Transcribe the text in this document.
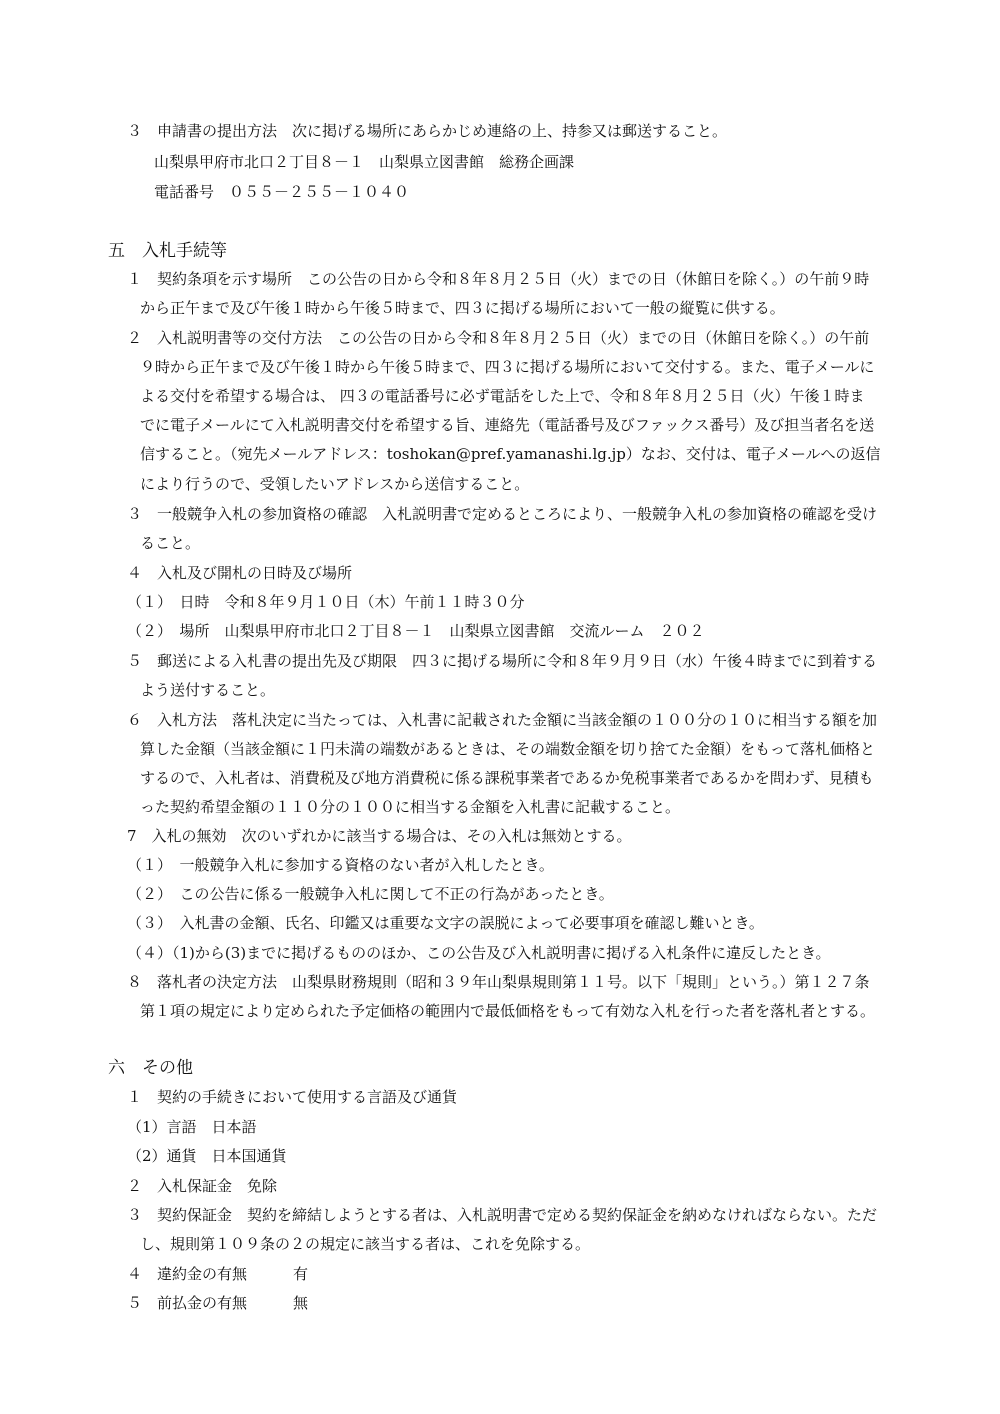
３　申請書の提出方法　次に掲げる場所にあらかじめ連絡の上、持参又は郵送すること。
山梨県甲府市北口２丁目８－１　山梨県立図書館　総務企画課
電話番号　０５５－２５５－１０４０
五　入札手続等
１　契約条項を示す場所　この公告の日から令和８年８月２５日（火）までの日（休館日を除く。）の午前９時
から正午まで及び午後１時から午後５時まで、四３に掲げる場所において一般の縦覧に供する。
２　入札説明書等の交付方法　この公告の日から令和８年８月２５日（火）までの日（休館日を除く。）の午前
９時から正午まで及び午後１時から午後５時まで、四３に掲げる場所において交付する。また、電子メールに
よる交付を希望する場合は、 四３の電話番号に必ず電話をした上で、令和８年８月２５日（火）午後１時ま
でに電子メールにて入札説明書交付を希望する旨、連絡先（電話番号及びファックス番号）及び担当者名を送
信すること。（宛先メールアドレス：toshokan@pref.yamanashi.lg.jp）なお、交付は、電子メールへの返信
により行うので、受領したいアドレスから送信すること。
３　一般競争入札の参加資格の確認　入札説明書で定めるところにより、一般競争入札の参加資格の確認を受け
ること。
４　入札及び開札の日時及び場所
（１）　日時　令和８年９月１０日（木）午前１１時３０分
（２）　場所　山梨県甲府市北口２丁目８－１　山梨県立図書館　交流ルーム　２０２
５　郵送による入札書の提出先及び期限　四３に掲げる場所に令和８年９月９日（水）午後４時までに到着する
よう送付すること。
６　入札方法　落札決定に当たっては、入札書に記載された金額に当該金額の１００分の１０に相当する額を加
算した金額（当該金額に１円未満の端数があるときは、その端数金額を切り捨てた金額）をもって落札価格と
するので、入札者は、消費税及び地方消費税に係る課税事業者であるか免税事業者であるかを問わず、見積も
った契約希望金額の１１０分の１００に相当する金額を入札書に記載すること。
7　入札の無効　次のいずれかに該当する場合は、その入札は無効とする。
（１）　一般競争入札に参加する資格のない者が入札したとき。
（２）　この公告に係る一般競争入札に関して不正の行為があったとき。
（３）　入札書の金額、氏名、印鑑又は重要な文字の誤脱によって必要事項を確認し難いとき。
（４）（1)から(3)までに掲げるもののほか、この公告及び入札説明書に掲げる入札条件に違反したとき。
８　落札者の決定方法　山梨県財務規則（昭和３９年山梨県規則第１１号。以下「規則」という。）第１２７条
第１項の規定により定められた予定価格の範囲内で最低価格をもって有効な入札を行った者を落札者とする。
六　その他
１　契約の手続きにおいて使用する言語及び通貨
（1）言語　日本語
（2）通貨　日本国通貨
２　入札保証金　免除
３　契約保証金　契約を締結しようとする者は、入札説明書で定める契約保証金を納めなければならない。ただ
し、規則第１０９条の２の規定に該当する者は、これを免除する。
４　違約金の有無	有
５　前払金の有無	無
